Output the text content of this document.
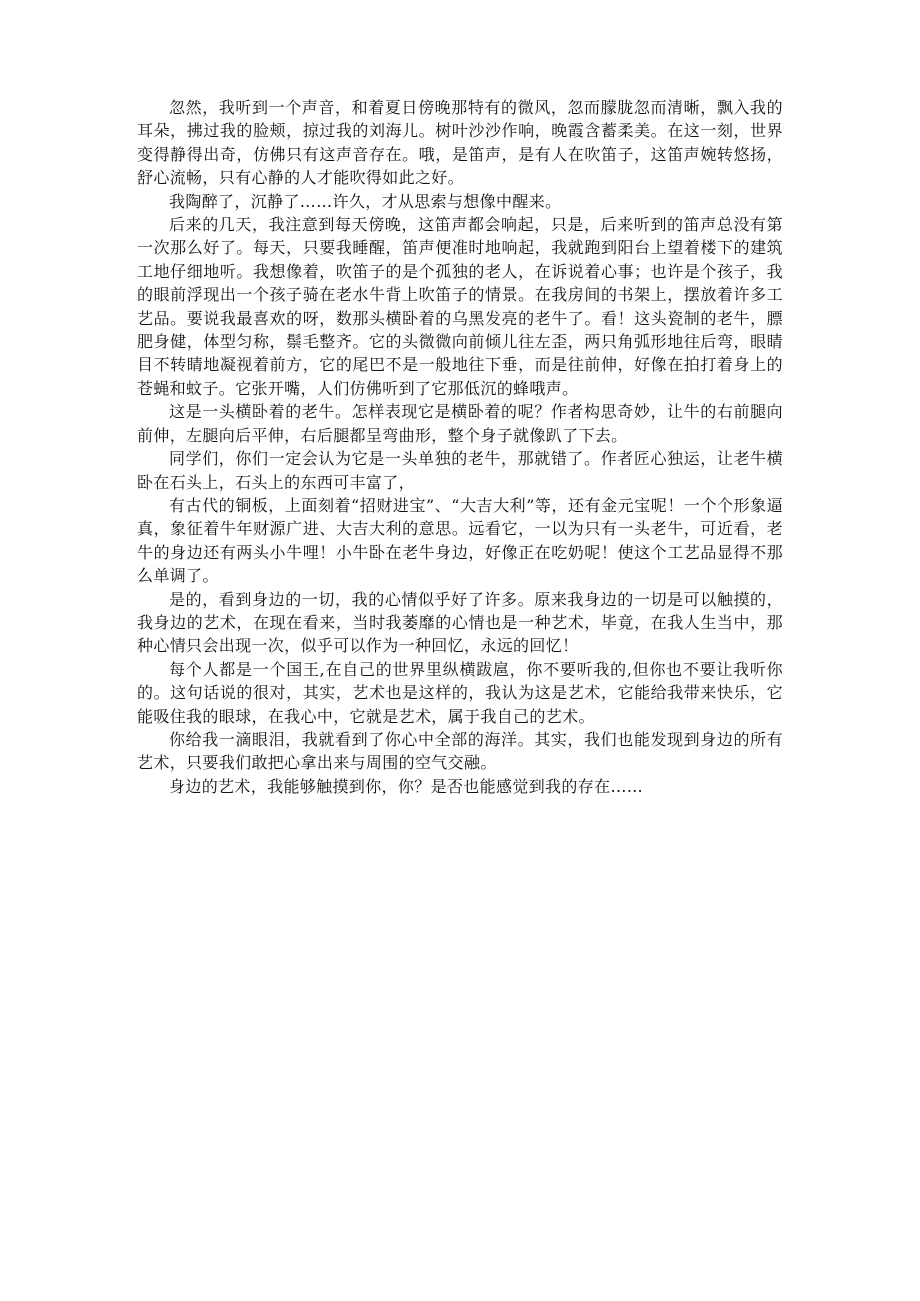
忽然，我听到一个声音，和着夏日傍晚那特有的微风，忽而朦胧忽而清晰，飘入我的耳朵，拂过我的脸颊，掠过我的刘海儿。树叶沙沙作响，晚霞含蓄柔美。在这一刻，世界变得静得出奇，仿佛只有这声音存在。哦，是笛声，是有人在吹笛子，这笛声婉转悠扬，舒心流畅，只有心静的人才能吹得如此之好。

我陶醉了，沉静了……许久，才从思索与想像中醒来。

后来的几天，我注意到每天傍晚，这笛声都会响起，只是，后来听到的笛声总没有第一次那么好了。每天，只要我睡醒，笛声便准时地响起，我就跑到阳台上望着楼下的建筑工地仔细地听。我想像着，吹笛子的是个孤独的老人，在诉说着心事；也许是个孩子，我的眼前浮现出一个孩子骑在老水牛背上吹笛子的情景。在我房间的书架上，摆放着许多工艺品。要说我最喜欢的呀，数那头横卧着的乌黑发亮的老牛了。看！这头瓷制的老牛，膘肥身健，体型匀称，鬃毛整齐。它的头微微向前倾儿往左歪，两只角弧形地往后弯，眼睛目不转睛地凝视着前方，它的尾巴不是一般地往下垂，而是往前伸，好像在拍打着身上的苍蝇和蚊子。它张开嘴，人们仿佛听到了它那低沉的蜂哦声。

这是一头横卧着的老牛。怎样表现它是横卧着的呢？作者构思奇妙，让牛的右前腿向前伸，左腿向后平伸，右后腿都呈弯曲形，整个身子就像趴了下去。

同学们，你们一定会认为它是一头单独的老牛，那就错了。作者匠心独运，让老牛横卧在石头上，石头上的东西可丰富了，

有古代的铜板，上面刻着“招财进宝”、“大吉大利”等，还有金元宝呢！一个个形象逼真，象征着牛年财源广进、大吉大利的意思。远看它，一以为只有一头老牛，可近看，老牛的身边还有两头小牛哩！小牛卧在老牛身边，好像正在吃奶呢！使这个工艺品显得不那么单调了。

是的，看到身边的一切，我的心情似乎好了许多。原来我身边的一切是可以触摸的，我身边的艺术，在现在看来，当时我萎靡的心情也是一种艺术，毕竟，在我人生当中，那种心情只会出现一次，似乎可以作为一种回忆，永远的回忆！

每个人都是一个国王,在自己的世界里纵横跋扈，你不要听我的,但你也不要让我听你的。这句话说的很对，其实，艺术也是这样的，我认为这是艺术，它能给我带来快乐，它能吸住我的眼球，在我心中，它就是艺术，属于我自己的艺术。

你给我一滴眼泪，我就看到了你心中全部的海洋。其实，我们也能发现到身边的所有艺术，只要我们敢把心拿出来与周围的空气交融。

身边的艺术，我能够触摸到你，你？是否也能感觉到我的存在……
